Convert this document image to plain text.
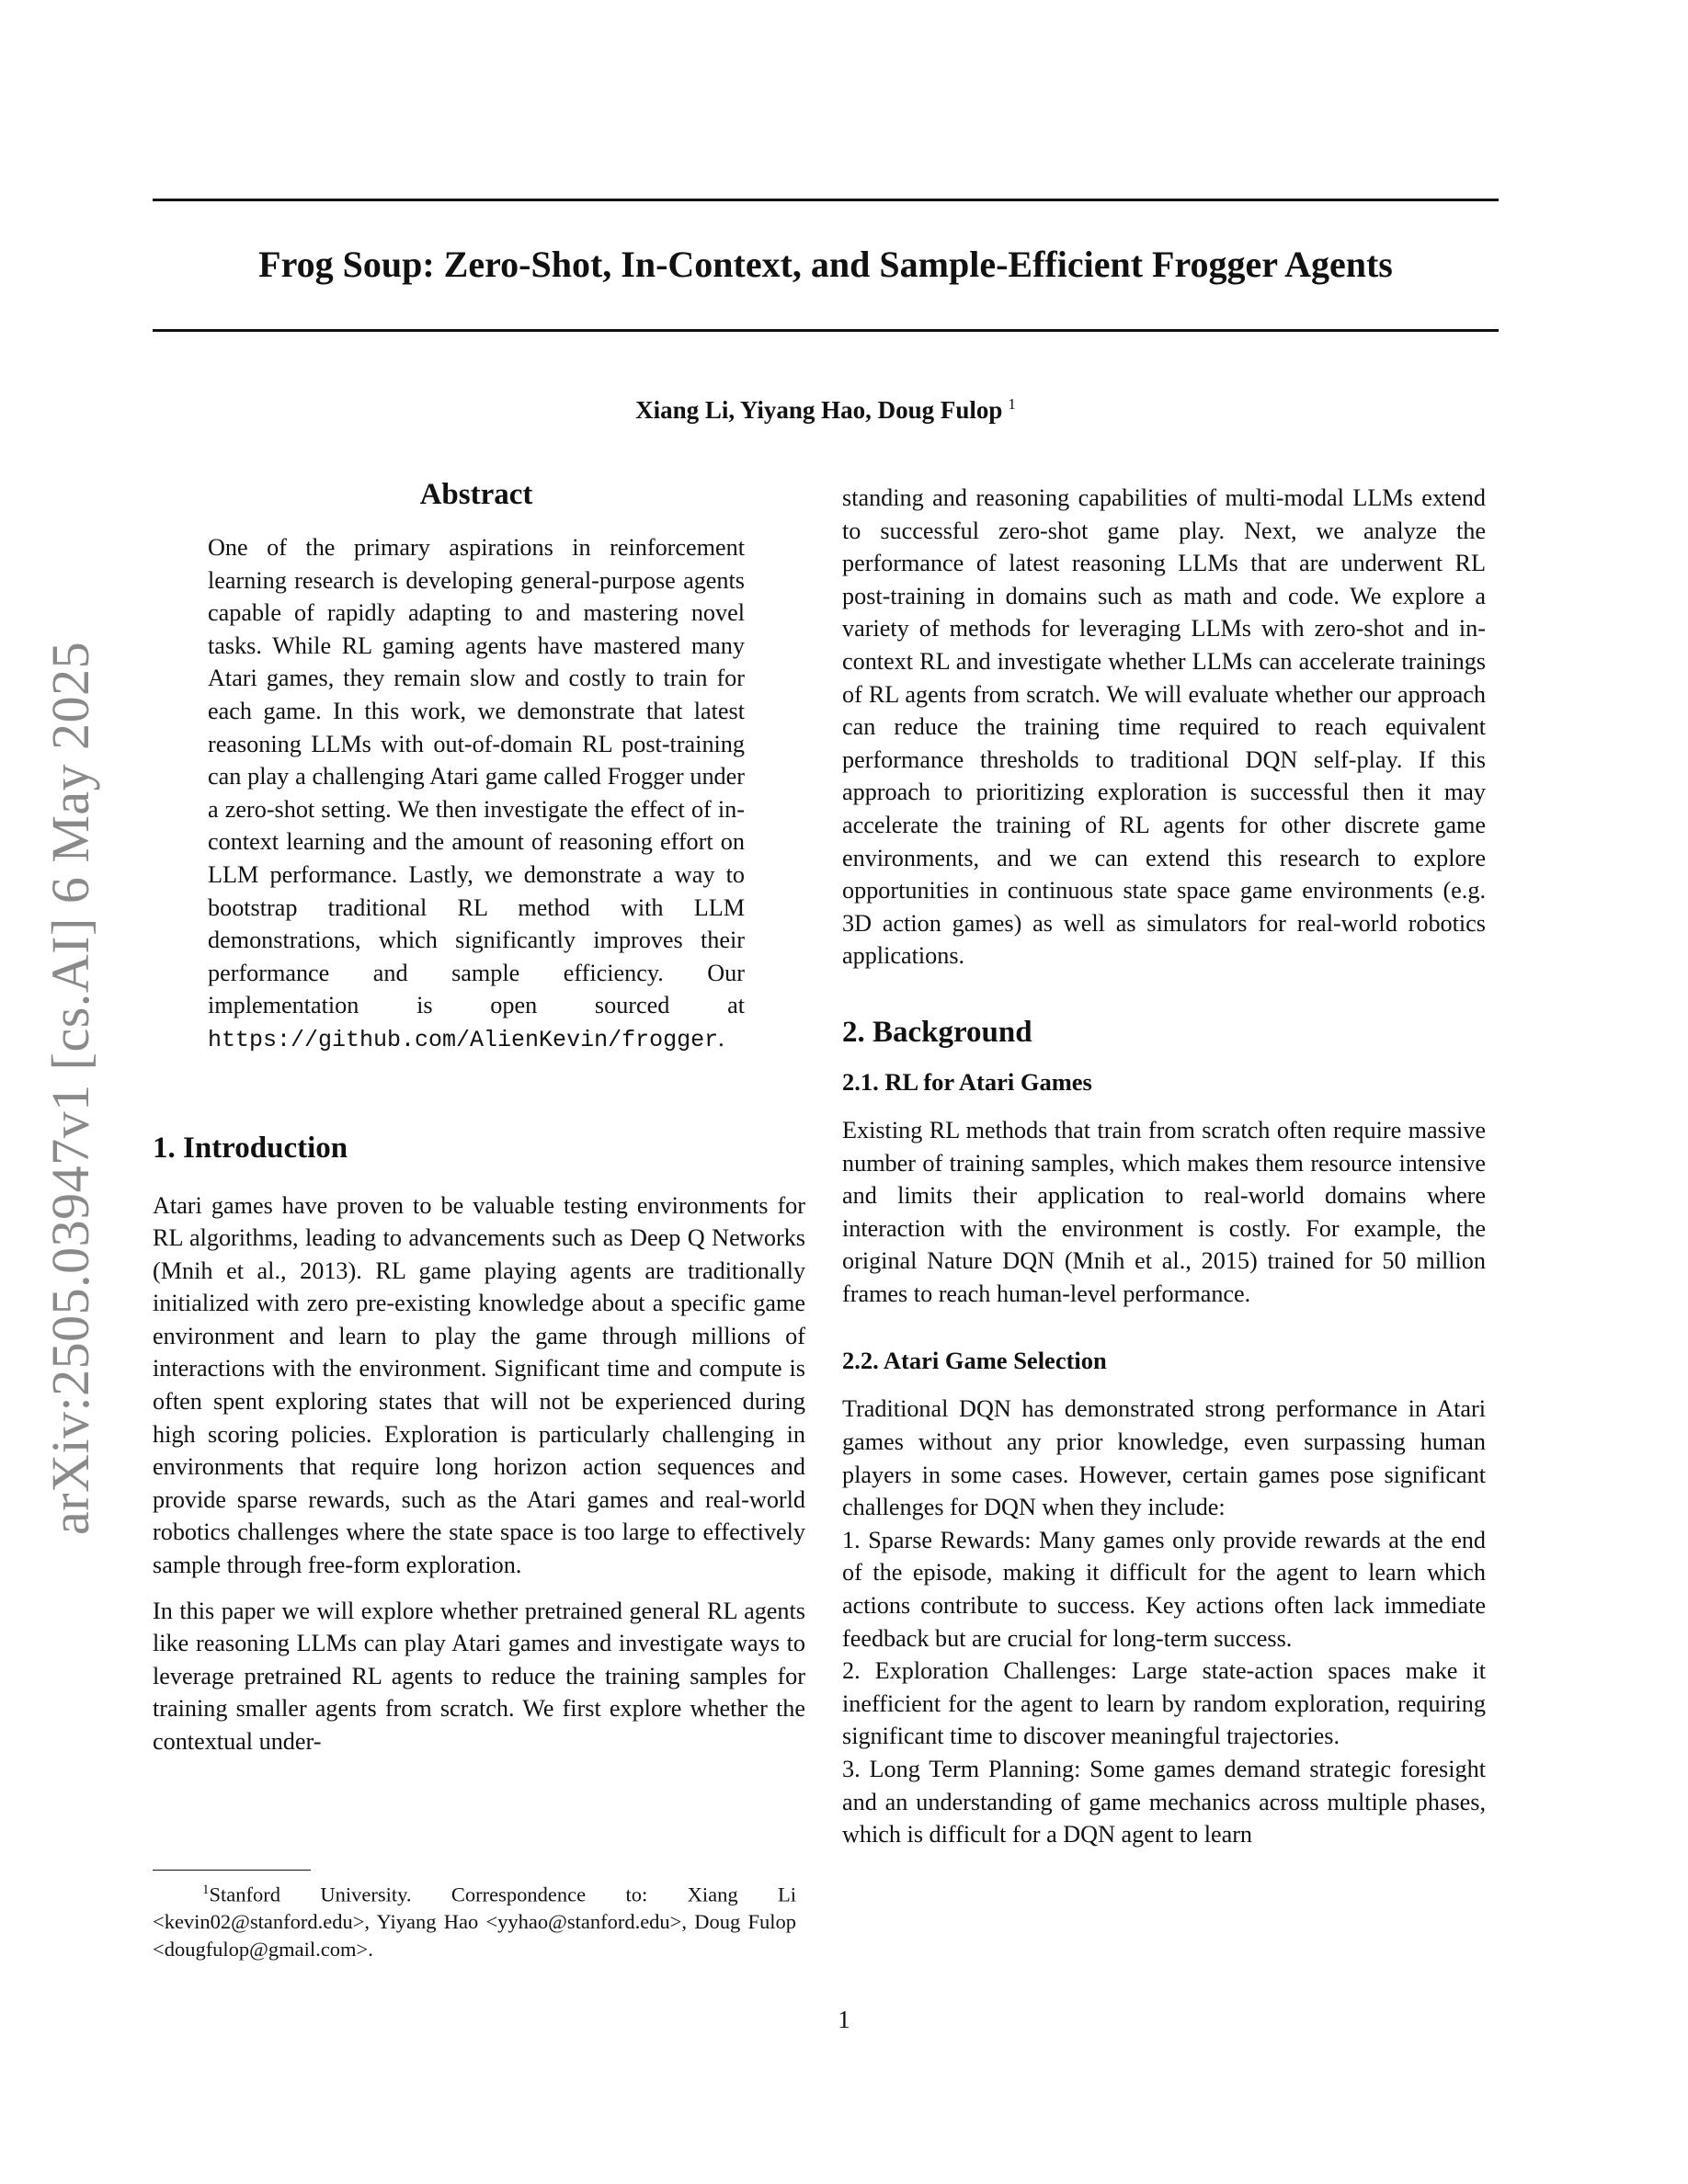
Frog Soup: Zero-Shot, In-Context, and Sample-Efficient Frogger Agents

Xiang Li, Yiyang Hao, Doug Fulop $^1$

arXiv:2505.03947v1 [cs.AI] 6 May 2025
Abstract

One of the primary aspirations in reinforcement learning research is developing general-purpose agents capable of rapidly adapting to and mastering novel tasks. While RL gaming agents have mastered many Atari games, they remain slow and costly to train for each game. In this work, we demonstrate that latest reasoning LLMs with out-of-domain RL post-training can play a challenging Atari game called Frogger under a zero-shot setting. We then investigate the effect of in-context learning and the amount of reasoning effort on LLM performance. Lastly, we demonstrate a way to bootstrap traditional RL method with LLM demonstrations, which significantly improves their performance and sample efficiency. Our implementation is open sourced at https://github.com/AlienKevin/frogger.

1. Introduction

Atari games have proven to be valuable testing environments for RL algorithms, leading to advancements such as Deep Q Networks (Mnih et al., 2013). RL game playing agents are traditionally initialized with zero pre-existing knowledge about a specific game environment and learn to play the game through millions of interactions with the environment. Significant time and compute is often spent exploring states that will not be experienced during high scoring policies. Exploration is particularly challenging in environments that require long horizon action sequences and provide sparse rewards, such as the Atari games and real-world robotics challenges where the state space is too large to effectively sample through free-form exploration.

In this paper we will explore whether pretrained general RL agents like reasoning LLMs can play Atari games and investigate ways to leverage pretrained RL agents to reduce the training samples for training smaller agents from scratch. We first explore whether the contextual under-

$^1$Stanford University. Correspondence to: Xiang Li <kevin02@stanford.edu>, Yiyang Hao <yyhao@stanford.edu>, Doug Fulop <dougfulop@gmail.com>.

standing and reasoning capabilities of multi-modal LLMs extend to successful zero-shot game play. Next, we analyze the performance of latest reasoning LLMs that are underwent RL post-training in domains such as math and code. We explore a variety of methods for leveraging LLMs with zero-shot and in-context RL and investigate whether LLMs can accelerate trainings of RL agents from scratch. We will evaluate whether our approach can reduce the training time required to reach equivalent performance thresholds to traditional DQN self-play. If this approach to prioritizing exploration is successful then it may accelerate the training of RL agents for other discrete game environments, and we can extend this research to explore opportunities in continuous state space game environments (e.g. 3D action games) as well as simulators for real-world robotics applications.

2. Background
2.1. RL for Atari Games

Existing RL methods that train from scratch often require massive number of training samples, which makes them resource intensive and limits their application to real-world domains where interaction with the environment is costly. For example, the original Nature DQN (Mnih et al., 2015) trained for 50 million frames to reach human-level performance.

2.2. Atari Game Selection

Traditional DQN has demonstrated strong performance in Atari games without any prior knowledge, even surpassing human players in some cases. However, certain games pose significant challenges for DQN when they include:

1. Sparse Rewards: Many games only provide rewards at the end of the episode, making it difficult for the agent to learn which actions contribute to success. Key actions often lack immediate feedback but are crucial for long-term success.

2. Exploration Challenges: Large state-action spaces make it inefficient for the agent to learn by random exploration, requiring significant time to discover meaningful trajectories.

3. Long Term Planning: Some games demand strategic foresight and an understanding of game mechanics across multiple phases, which is difficult for a DQN agent to learn

1
